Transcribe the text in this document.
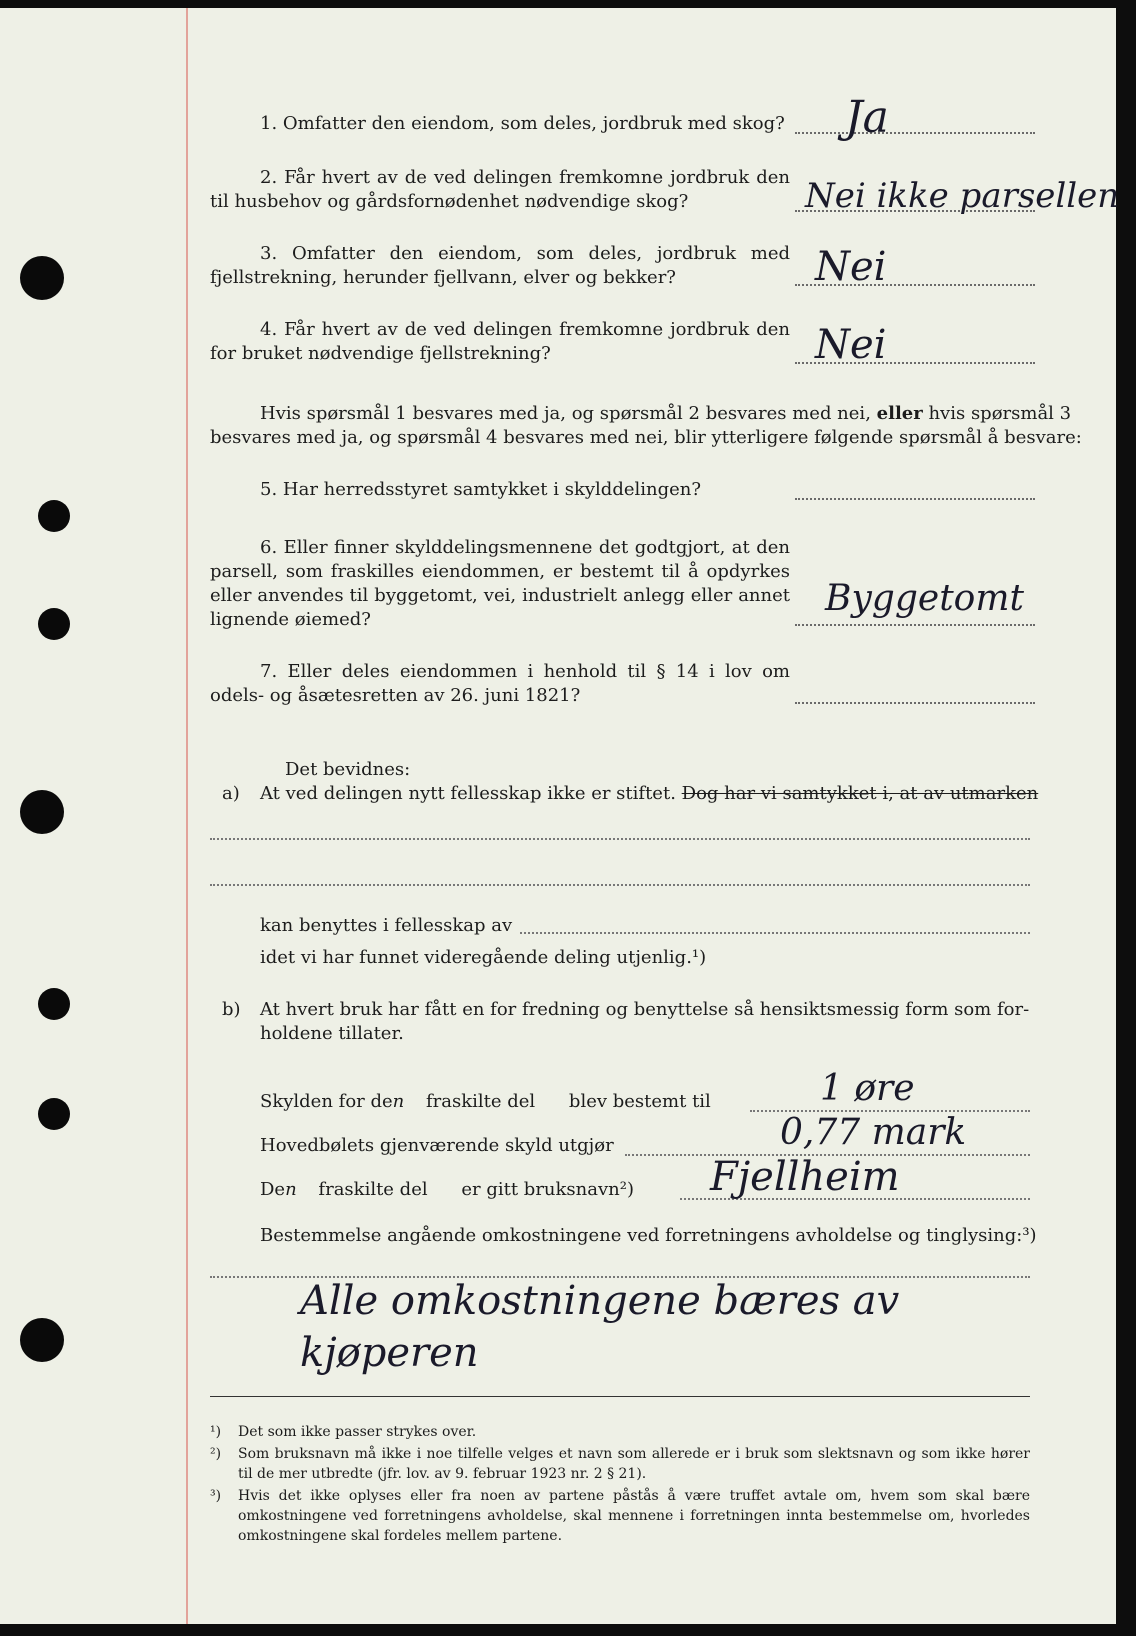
1. Omfatter den eiendom, som deles, jordbruk med skog? Ja
2. Får hvert av de ved delingen fremkomne jordbruk den til husbehov og gårdsfornødenhet nødvendige skog?	Nei ikke parsellen
3. Omfatter den eiendom, som deles, jordbruk med fjellstrekning, herunder fjellvann, elver og bekker?	Nei
4. Får hvert av de ved delingen fremkomne jordbruk den for bruket nødvendige fjellstrekning?	Nei
Hvis spørsmål 1 besvares med ja, og spørsmål 2 besvares med nei, eller hvis spørsmål 3
besvares med ja, og spørsmål 4 besvares med nei, blir ytterligere følgende spørsmål å besvare:
5. Har herredsstyret samtykket i skylddelingen?
6. Eller finner skylddelingsmennene det godtgjort, at den parsell, som fraskilles eiendommen, er bestemt til å opdyrkes eller anvendes til byggetomt, vei, industrielt anlegg eller annet lignende øiemed?
Byggetomt
7. Eller deles eiendommen i henhold til § 14 i lov om odels- og åsætesretten av 26. juni 1821?
Det bevidnes:
a) At ved delingen nytt fellesskap ikke er stiftet. Dog har vi samtykket i, at av utmarken
kan benyttes i fellesskap av
idet vi har funnet videregående deling utjenlig.¹)
b) At hvert bruk har fått en for fredning og benyttelse så hensiktsmessig form som for-
holdene tillater.
Skylden for den fraskilte del blev bestemt til	1 øre
Hovedbølets gjenværende skyld utgjør	0,77 mark
Den fraskilte del er gitt bruksnavn²) Fjellheim
Bestemmelse angående omkostningene ved forretningens avholdelse og tinglysing:³)
Alle omkostningene bæres av
kjøperen
¹)	Det som ikke passer strykes over.
²)	Som bruksnavn må ikke i noe tilfelle velges et navn som allerede er i bruk som slektsnavn og som ikke hører til de mer utbredte (jfr. lov. av 9. februar 1923 nr. 2 § 21).
³)	Hvis det ikke oplyses eller fra noen av partene påstås å være truffet avtale om, hvem som skal bære omkostningene ved forretningens avholdelse, skal mennene i forretningen innta bestemmelse om, hvorledes omkostningene skal fordeles mellem partene.
